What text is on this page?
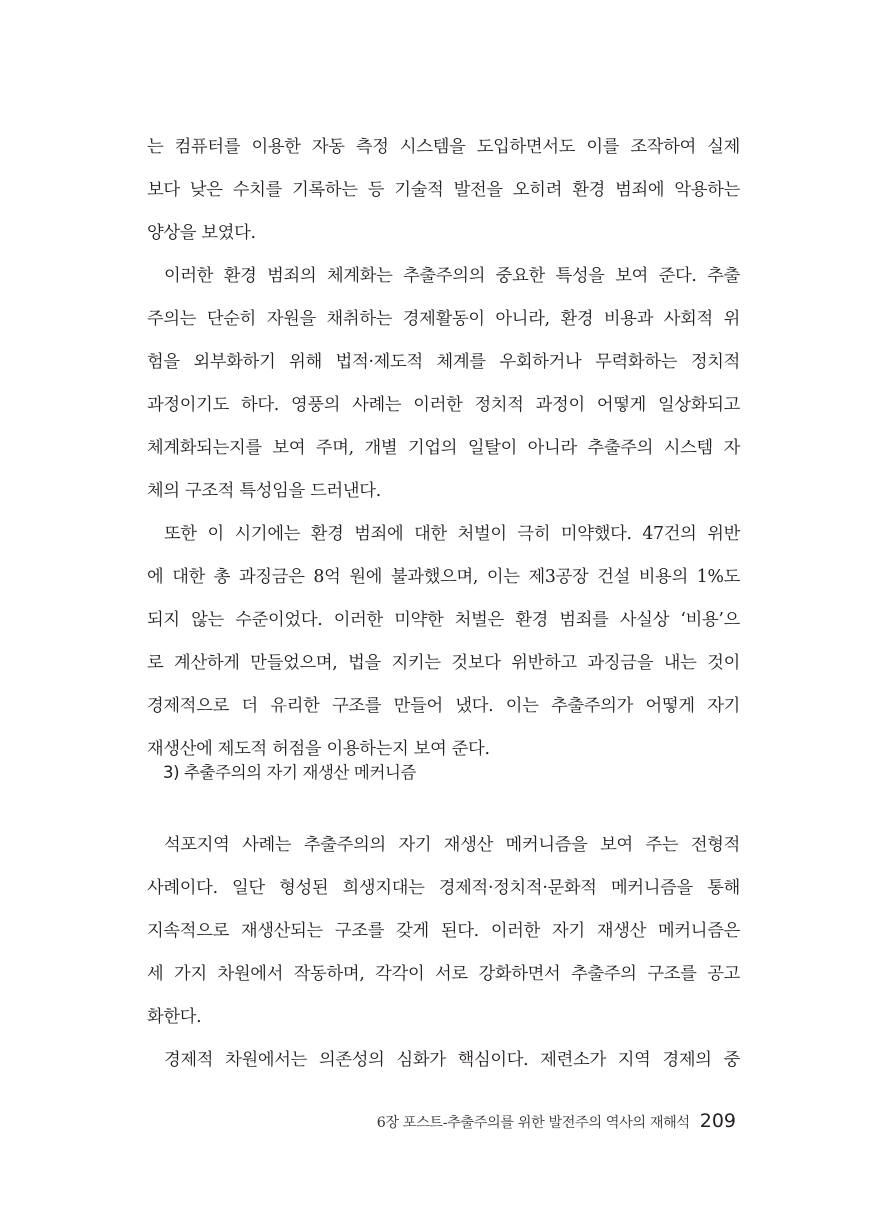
는 컴퓨터를 이용한 자동 측정 시스템을 도입하면서도 이를 조작하여 실제
보다 낮은 수치를 기록하는 등 기술적 발전을 오히려 환경 범죄에 악용하는
양상을 보였다.
이러한 환경 범죄의 체계화는 추출주의의 중요한 특성을 보여 준다. 추출
주의는 단순히 자원을 채취하는 경제활동이 아니라, 환경 비용과 사회적 위
험을 외부화하기 위해 법적·제도적 체계를 우회하거나 무력화하는 정치적
과정이기도 하다. 영풍의 사례는 이러한 정치적 과정이 어떻게 일상화되고
체계화되는지를 보여 주며, 개별 기업의 일탈이 아니라 추출주의 시스템 자
체의 구조적 특성임을 드러낸다.
또한 이 시기에는 환경 범죄에 대한 처벌이 극히 미약했다. 47건의 위반
에 대한 총 과징금은 8억 원에 불과했으며, 이는 제3공장 건설 비용의 1%도
되지 않는 수준이었다. 이러한 미약한 처벌은 환경 범죄를 사실상 ‘비용’으
로 계산하게 만들었으며, 법을 지키는 것보다 위반하고 과징금을 내는 것이
경제적으로 더 유리한 구조를 만들어 냈다. 이는 추출주의가 어떻게 자기
재생산에 제도적 허점을 이용하는지 보여 준다.
3) 추출주의의 자기 재생산 메커니즘
석포지역 사례는 추출주의의 자기 재생산 메커니즘을 보여 주는 전형적
사례이다. 일단 형성된 희생지대는 경제적·정치적·문화적 메커니즘을 통해
지속적으로 재생산되는 구조를 갖게 된다. 이러한 자기 재생산 메커니즘은
세 가지 차원에서 작동하며, 각각이 서로 강화하면서 추출주의 구조를 공고
화한다.
경제적 차원에서는 의존성의 심화가 핵심이다. 제련소가 지역 경제의 중
6장 포스트-추출주의를 위한 발전주의 역사의 재해석 209
